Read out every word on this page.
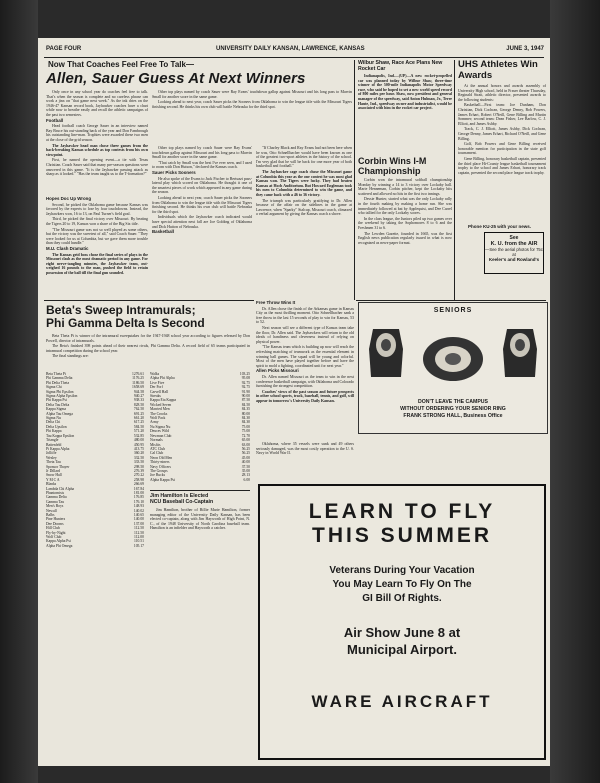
PAGE FOUR	UNIVERSITY DAILY KANSAN, LAWRENCE, KANSAS	JUNE 3, 1947
Now That Coaches Feel Free To Talk—
Allen, Sauer Guess At Next Winners

Only once in any school year do coaches feel free to talk. That's when the season is complete and no careless phrase can work a jinx on "that game next week." As the ink dries on the 1946-47 Kansan record book, Jayhawker coaches have a chart while now to breathe easily and recall the athletic campaigns of the past two semesters.

Football

Head football coach George Sauer in an interview named Bay Bruce his out-standing back of the year and Don Fambrough his outstanding line-man. Trophies were awarded these two men at the close of the grid season.

The Jayhawker head man chose three games from the back-breaking Kansas schedule as top contests from his own viewpoint.

First, he named the opening event—a tie with Texas Christian. Coach Sauer said that many pre-season questions were answered in this game. "It is the Jayhawker passing attack as sharp as it looked." "Has the team taught us to the T-formation?"

Hopes Doc Up Wrong

Second, he picked the Oklahoma game because Kansas was favored by the experts to lose by four touchdowns. Instead, the Jayhawkers won, 16 to 13, on Paul Turner's field goal.

Third, he picked the final victory over Missouri. By beating the Tigers 20 to 19, Kansas won a share of the Big Six title.

"The Missouri game was not so well played as some others, but the victory was the sweetest of all," said Coach Sauer. "They were looked for us at Columbia, but we gave them more trouble than they could handle."

M.U. Clash Dramatic

The Kansas grid boss chose the final series of plays in the Missouri clash as the most dramatic period in any game. For eight nerve-tangling minutes, the Jayhawker team, out-weighed 16 pounds to the man, pushed the field to retain possession of the ball till the final gun sounded.

Other top plays named by coach Sauer were Ray Evans' touchdown gallop against Missouri and his long pass to Marvin Small for another score in the same game.

"That catch by Small was the best I've ever seen, and I used to room with Don Hutson," declared the Kansas coach.

Sauer Picks Sooners

He also spoke of the Evans to Jack Fischer to Bertuzzi pass-lateral play which scored on Oklahoma. He thought it one of the smartest pieces of work which appeared in any game during the season.

Looking ahead to next year, coach Sauer picks the Sooners from Oklahoma to win the league title with the Missouri Tigers finishing second. He thinks his own club will battle Nebraska for the third spot.

Individuals which the Jayhawker coach indicated would have special attention next fall are Joe Golding of Oklahoma and Dick Hutton of Nebraska.

Basketball

"If Charley Black and Ray Evans had not been here when he was, Otto Schnellbacher would have been known as one of the greatest two-sport athletes in the history of the school. I'm very glad that he will be back for one more year of both basketball and football."

The Jayhawker cage coach chose the Missouri game at Columbia this year as the one contest he was most glad Kansas won. The Tigers were lucky. They had beaten Kansas at Hoch Auditorium. But Howard Engleman took his men to Columbia determined to win the game, and they came back with a 46 to 36 victory.

The triumph was particularly gratifying to Dr. Allen because of the affair on the sidelines in the game at Lawrence, when "Sparky" Stalcup, Missouri coach, climaxed a verbal argument by giving the Kansas coach a shove.

Other top plays named by coach Sauer were Ray Evans' touchdown gallop against Missouri and his long pass to Marvin Small for another score in the same game.

Looking ahead to next year, coach Sauer picks the Sooners from Oklahoma to win the league title with the Missouri Tigers finishing second. He thinks his own club will battle Nebraska for the third spot.

Wilbur Shaw, Race Ace Plans New Rocket Car

Indianapolis, Ind.—(UP)—A new rocket-propelled car was planned today by Wilbur Shaw, three-time winner of the 500-mile Indianapolis Motor Speedway race, who said he hoped to set a new world speed record of 800 miles per hour. Shaw, now president and general manager of the speedway, said Anton Hulman, Jr., Terre Haute, Ind., speedway owner and industrialist, would be associated with him in the rocket car project.

Corbin Wins I-M Championship

Corbin won the intramural softball championship Monday by winning a 14 to 3 victory over Lockaby hall. Marie Henneman, Corbin pitcher, kept the Lockaby hits scattered and allowed no hits in the first two innings.

Dessie Hunter, started what was the only Lockaby rally in the fourth making by making a home run. She was immediately followed at bat by Applequist, and Dee Carrel who tallied for the only Lockaby scores.

In the class league, the Juniors piled up two games over the weekend by taking the Sophomores 8 to 6 and the Freshmen 31 to 6.

The Lewden Gazette, founded in 1665, was the first English news publication regularly issued in what is now recognized as news-paper format.

UHS Athletes Win Awards

At the annual honors and awards assembly of University High school, held in Fraser theater Thursday, Reginald Strait, athletic director, presented awards to the following students:

Basketball—First team: Joe Dunham, Don Christian, Dick Cochran, George Denny, Bob Powers, James Erhart, Robert O'Neill, Gene Billing and Martin Sommer; second team: Dean Fisher, Lee Barlow, C. J. Elliott, and James Ashby.

Track, C. J. Elliott, James Ashby, Dick Cochran, George Denny, James Erhart, Richard O'Neill, and Gene Billing.

Golf, Bob Powers and Gene Billing received honorable mention for participation in the state golf tournament.

Gene Billing, honorary basketball captain, presented the third place Hi-County league basketball tournament trophy to the school and James Erhart, honorary track captain, presented the second place league track trophy.

Phone KU-25 with your news.
See
K. U. from the AIR
—See the aerial photos for 75c at
Keeler's and Rowland's
SENIORS
DON'T LEAVE THE CAMPUS
WITHOUT ORDERING YOUR SENIOR RING
FRANK STRONG HALL, Business Office
Free Throw Wins It

Dr. Allen chose the finish of the Arkansas game in Kansas City as the most thrilling moment. Otto Schnellbacher sank a free throw in the last 15 seconds of play to win for Kansas, 53 to 52.

Next season will see a different type of Kansas team take the floor, Dr. Allen said. The Jayhawkers will return to the old ideals of handiness and cleverness instead of relying on physical power.

"The Kansas team which is building up now will reach the refreshing matching of teamwork as the essential element in winning ball games. The squad will be young and colorful. Most of the men have played together before and have the spirit to mold a fighting, coordinated unit for next year."

Allen Picks Missouri

Dr. Allen named Missouri as the team to win in the next conference basketball campaign, with Oklahoma and Colorado furnishing the strongest competition.

Coaches' views of the past season and future prospects in other school sports, track, baseball, tennis, and golf, will appear in tomorrow's University Daily Kansan.

Oklahoma, where 35 vessels were sunk and 49 others seriously damaged, was the most costly operation to the U. S. Navy in World War II.

Beta's Sweep Intramurals;
Phi Gamma Delta Is Second

Beta Theta Pi is winner of the intramural sweepstakes for the 1947-1948 school year according to figures released by Don Powell, director of intramurals.

The Beta's finished 398 points ahead of their nearest rivals, Phi Gamma Delta. A record field of 65 teams participated in intramural competition during the school year.

The final standings are:

Beta Theta Pi	1276.61
Phi Gamma Delta	1176.25
Phi Delta Theta	1186.50
Sigma Chi	1658.69
Sigma Phi Epsilon	944.58
Sigma Alpha Epsilon	940.27
Phi Kappa Psi	938.33
Delta Tau Delta	828.50
Kappa Sigma	762.50
Alpha Tau Omega	691.25
Sigma Nu	661.20
Delta Chi	617.25
Delta Upsilon	584.50
Phi Kappa	571.20
Tau Kappa Epsilon	532.85
Triangle	480.00
Battenfeld	450.95
Pi Kappa Alpha	413.75
Jolliffe	360.20
Wesley	332.50
Theta Tau	333.50
Sponsor Thayer	298.50
Jr Dillard	276.39
Snow Hall	270.22
Y M C A	258.98
Blanks	266.69
Lambda Chi Alpha	167.84
Phantomists	181.00
Gamma Delta	176.85
Gamma Tau	176.10
Men's Boys	148.93
Newall	140.02
Balbs	140.65
Pine Hunters	140.00
Dee Dooms	137.00
Hill Club	112.50
Fly-by-Night	112.50
Wolf Club	112.00
Kappa Alpha Psi	110.51
Alpha Phi Omega	105.17
Walks	103.25
Alpha Phi Alpha	95.08
Live Five	92.75
Der Forf	92.75
Carvell Hall	91.90
Streaks	90.00
Kappa Eta Kappa	87.50
Wicked Seven	84.50
Married Men	84.35
The Crooks	80.00
Wolf Pack	84.30
Army	84.30
Nu Sigma Nu	75.00
Deuces Wild	75.00
Newman Club	72.70
Normals	65.00
Misfits	63.00
ATC Club	56.25
Cal Club	56.25
Neon Old Men	45.00
Thirty-niners	40.00
Navy Officers	37.50
The Groups	35.00
Joe Bucks	28.13
Alpha Kappa Psi	6.00
Jim Hamilton Is Elected
NCU Baseball Co-Captain

Jim Hamilton, brother of Billie Marie Hamilton, former managing editor of the University Daily Kansan, has been elected co-captain, along with Jim Hayworth of High Point, N. C., of the 1948 University of North Carolina baseball team. Hamilton is an infielder and Hayworth a catcher.

LEARN TO FLY
THIS SUMMER
Veterans During Your Vacation
You May Learn To Fly On The
GI Bill Of Rights.
Air Show June 8 at
Municipal Airport.
WARE AIRCRAFT
